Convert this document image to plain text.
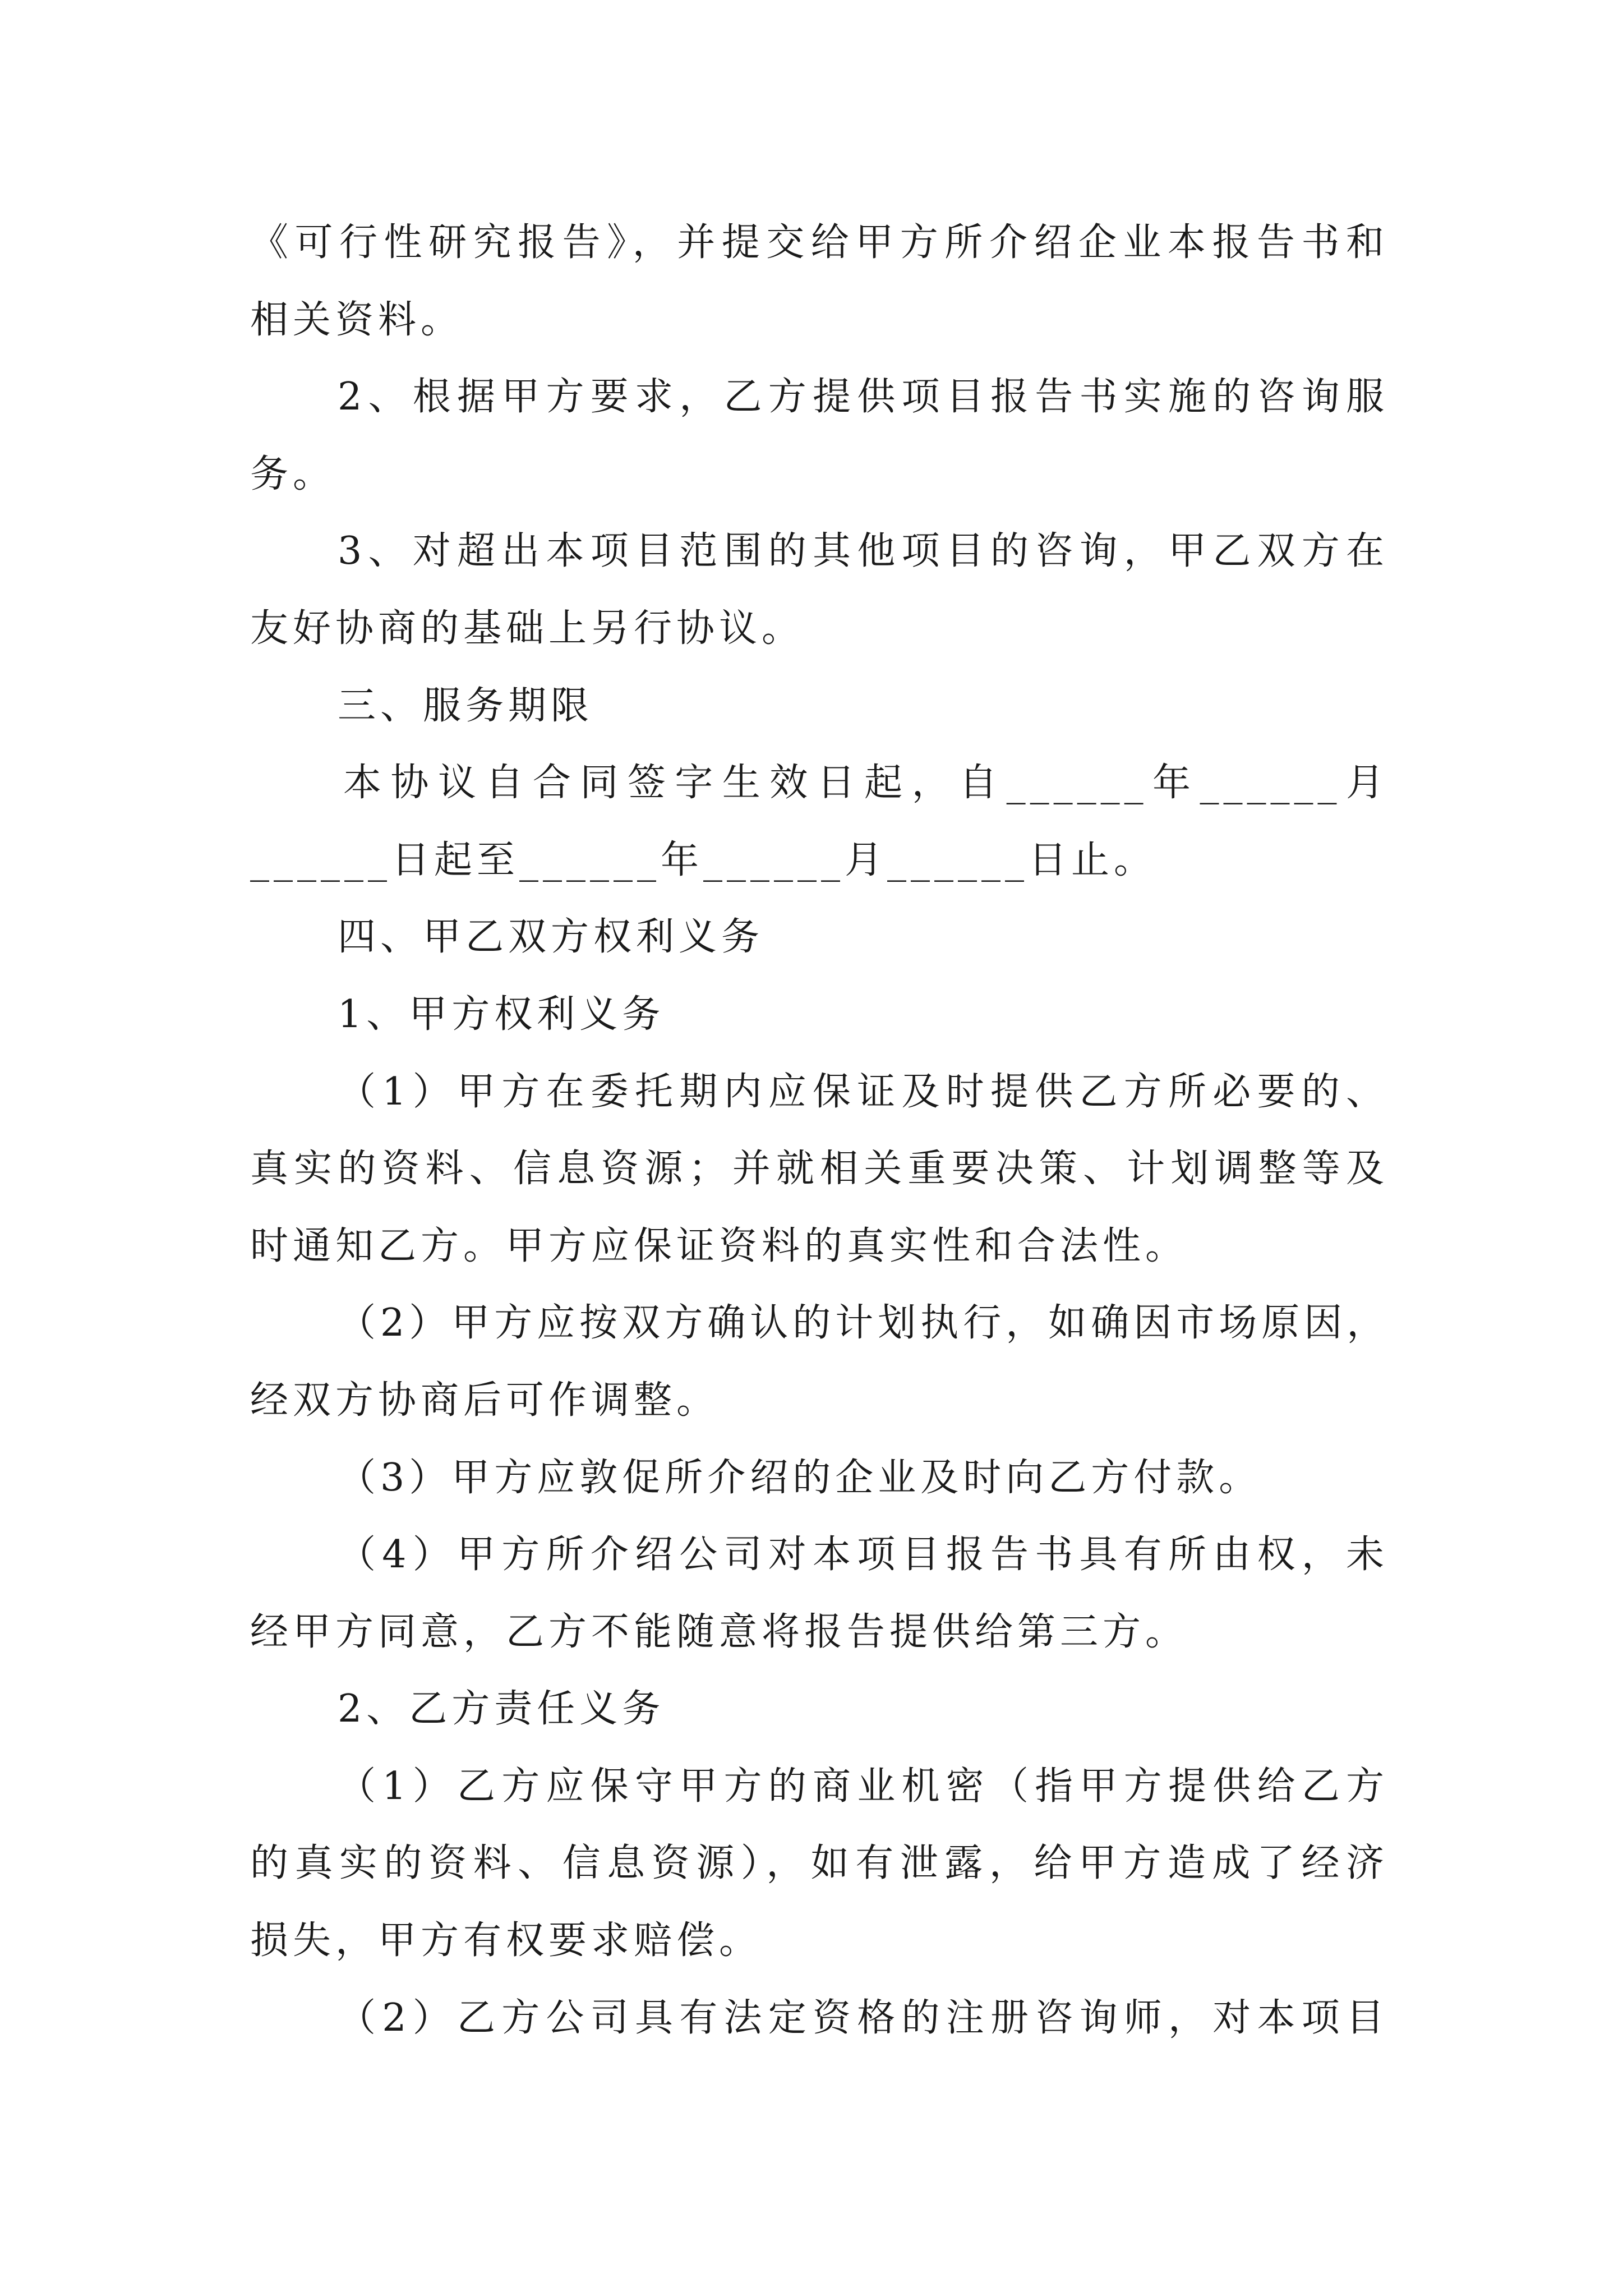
《可行性研究报告》，并提交给甲方所介绍企业本报告书和
相关资料。
2、根据甲方要求，乙方提供项目报告书实施的咨询服
务。
3、对超出本项目范围的其他项目的咨询，甲乙双方在
友好协商的基础上另行协议。
三、服务期限
本协议自合同签字生效日起，自______年______月
______日起至______年______月______日止。
四、甲乙双方权利义务
1、甲方权利义务
（1）甲方在委托期内应保证及时提供乙方所必要的、
真实的资料、信息资源；并就相关重要决策、计划调整等及
时通知乙方。甲方应保证资料的真实性和合法性。
（2）甲方应按双方确认的计划执行，如确因市场原因，
经双方协商后可作调整。
（3）甲方应敦促所介绍的企业及时向乙方付款。
（4）甲方所介绍公司对本项目报告书具有所由权，未
经甲方同意，乙方不能随意将报告提供给第三方。
2、乙方责任义务
（1）乙方应保守甲方的商业机密（指甲方提供给乙方
的真实的资料、信息资源），如有泄露，给甲方造成了经济
损失，甲方有权要求赔偿。
（2）乙方公司具有法定资格的注册咨询师，对本项目
